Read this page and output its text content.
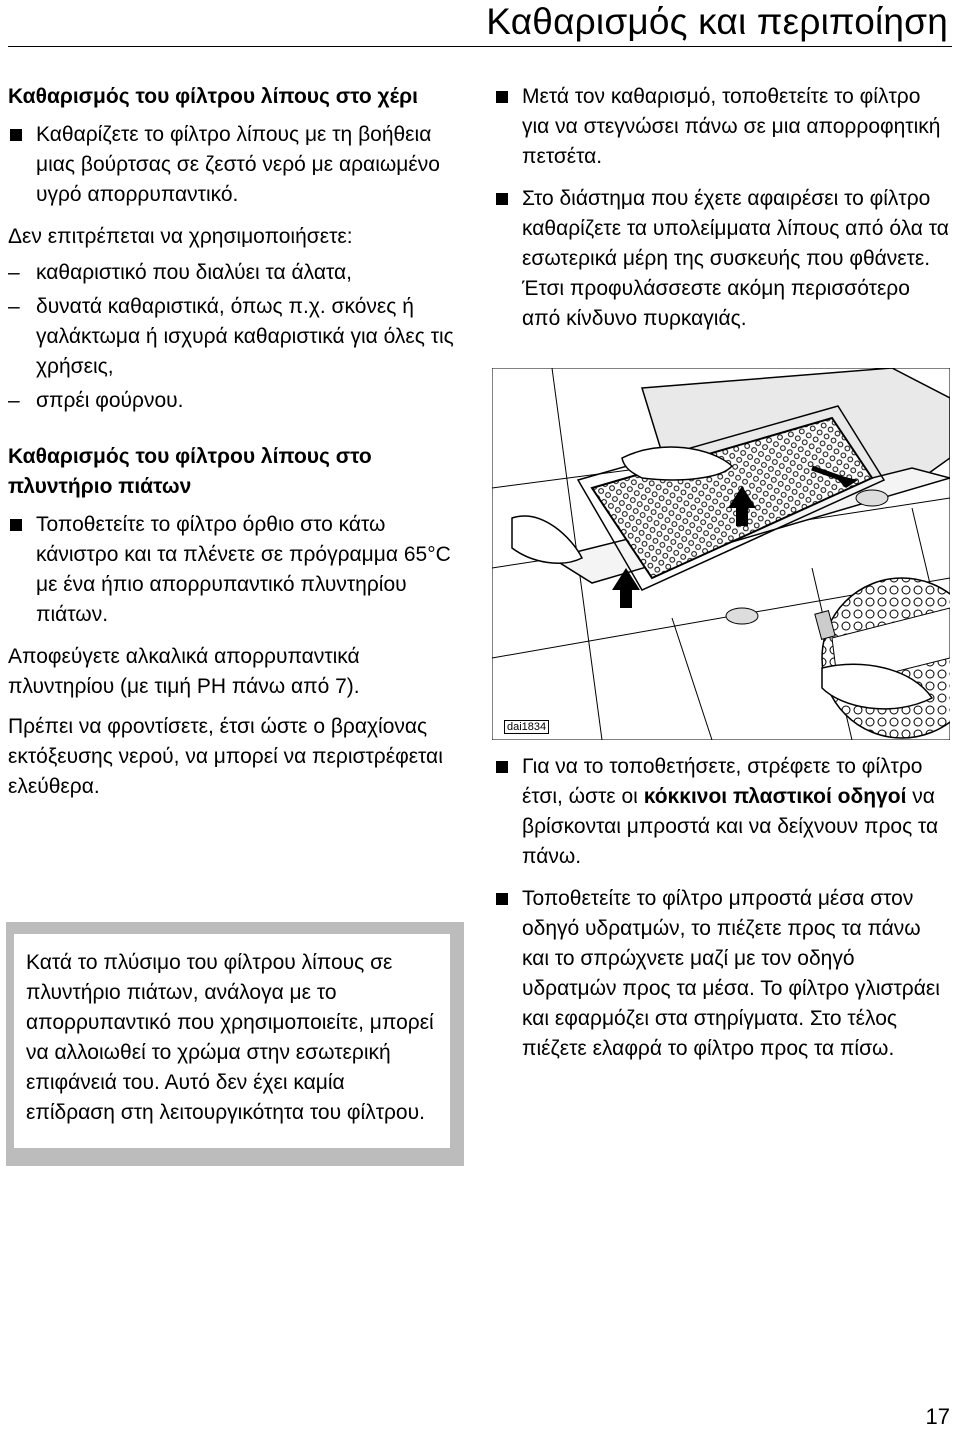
Καθαρισμός και περιποίηση
Καθαρισμός του φίλτρου λίπους στο χέρι

Καθαρίζετε το φίλτρο λίπους με τη βοήθεια μιας βούρτσας σε ζεστό νερό με αραιωμένο υγρό απορρυπαντικό.

Δεν επιτρέπεται να χρησιμοποιήσετε:

– καθαριστικό που διαλύει τα άλατα,

– δυνατά καθαριστικά, όπως π.χ. σκόνες ή γαλάκτωμα ή ισχυρά καθαριστικά για όλες τις χρήσεις,

– σπρέι φούρνου.

Καθαρισμός του φίλτρου λίπους στο πλυντήριο πιάτων

Τοποθετείτε το φίλτρο όρθιο στο κάτω κάνιστρο και τα πλένετε σε πρόγραμμα 65°C με ένα ήπιο απορρυπαντικό πλυντηρίου πιάτων.

Αποφεύγετε αλκαλικά απορρυπαντικά πλυντηρίου (με τιμή PH πάνω από 7).

Πρέπει να φροντίσετε, έτσι ώστε ο βραχίονας εκτόξευσης νερού, να μπορεί να περιστρέφεται ελεύθερα.

Κατά το πλύσιμο του φίλτρου λίπους σε πλυντήριο πιάτων, ανάλογα με το απορρυπαντικό που χρησιμοποιείτε, μπορεί να αλλοιωθεί το χρώμα στην εσωτερική επιφάνειά του. Αυτό δεν έχει καμία επίδραση στη λειτουργικότητα του φίλτρου.

Μετά τον καθαρισμό, τοποθετείτε το φίλτρο για να στεγνώσει πάνω σε μια απορροφητική πετσέτα.

Στο διάστημα που έχετε αφαιρέσει το φίλτρο καθαρίζετε τα υπολείμματα λίπους από όλα τα εσωτερικά μέρη της συσκευής που φθάνετε. Έτσι προφυλάσσεστε ακόμη περισσότερο από κίνδυνο πυρκαγιάς.

dai1834

Για να το τοποθετήσετε, στρέφετε το φίλτρο έτσι, ώστε οι κόκκινοι πλαστικοί οδηγοί να βρίσκονται μπροστά και να δείχνουν προς τα πάνω.

Τοποθετείτε το φίλτρο μπροστά μέσα στον οδηγό υδρατμών, το πιέζετε προς τα πάνω και το σπρώχνετε μαζί με τον οδηγό υδρατμών προς τα μέσα. Το φίλτρο γλιστράει και εφαρμόζει στα στηρίγματα. Στο τέλος πιέζετε ελαφρά το φίλτρο προς τα πίσω.

17
